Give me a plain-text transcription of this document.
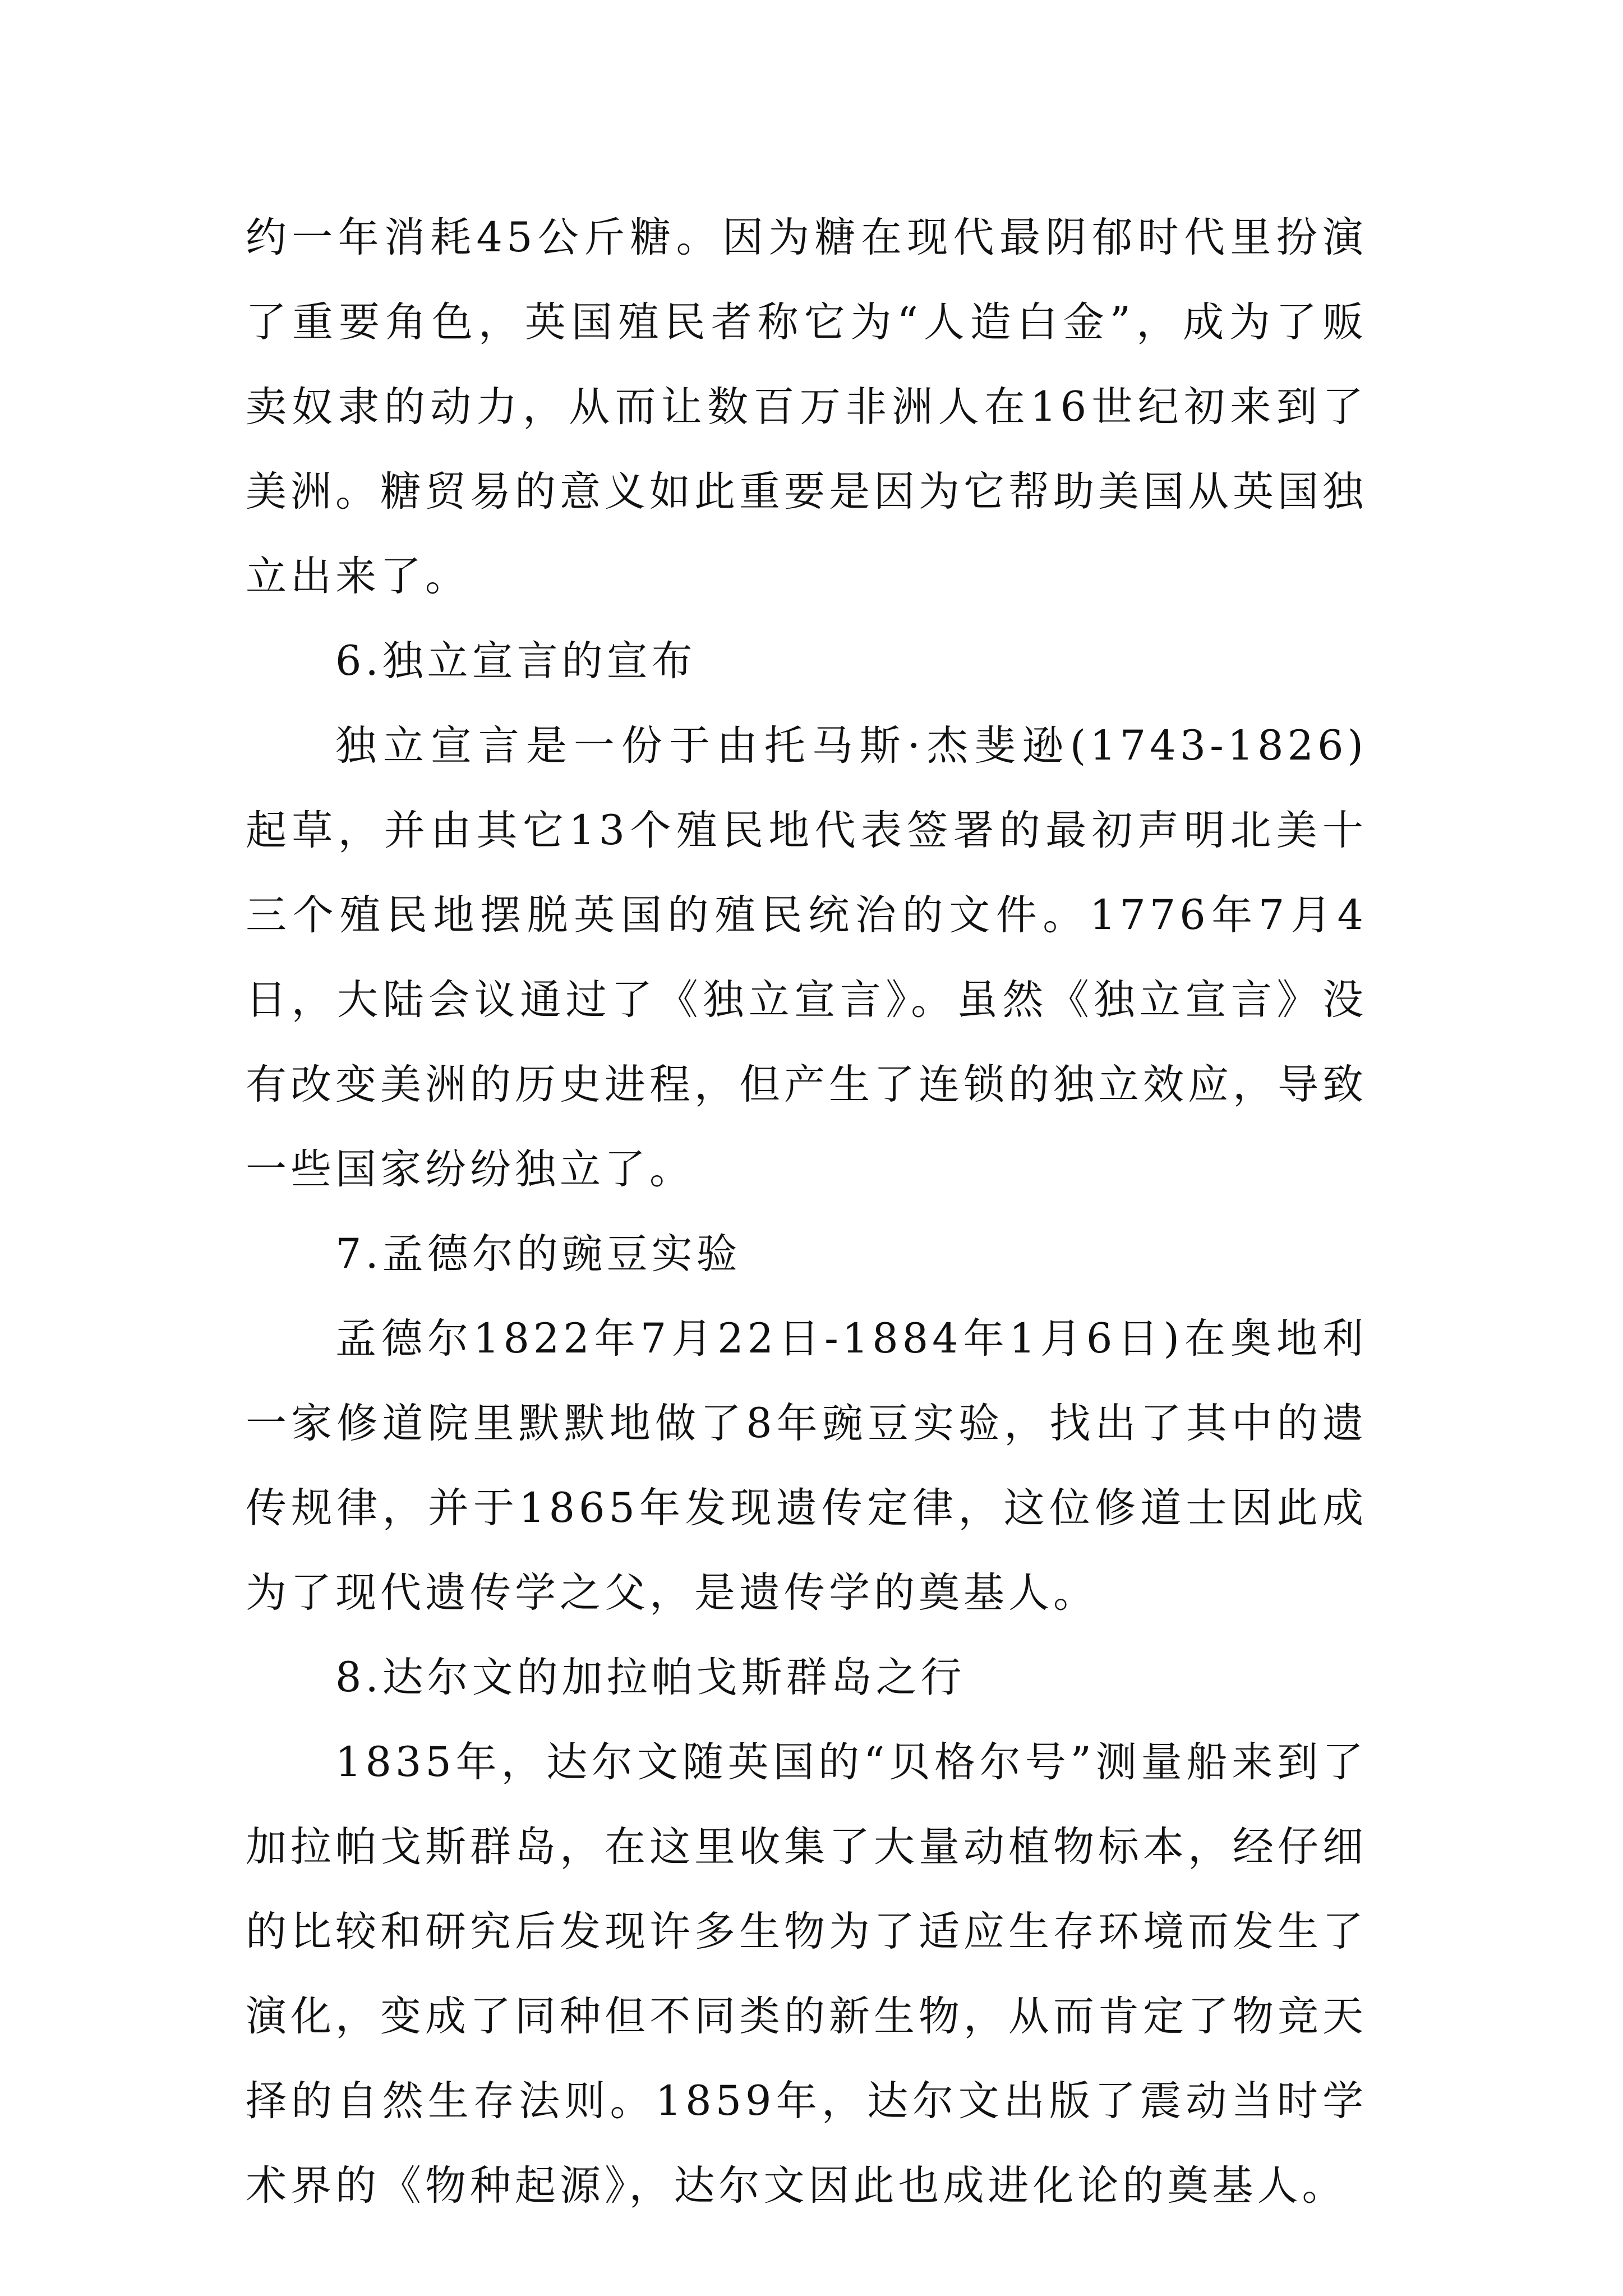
约一年消耗45公斤糖。因为糖在现代最阴郁时代里扮演了重要角色，英国殖民者称它为“人造白金”，成为了贩卖奴隶的动力，从而让数百万非洲人在16世纪初来到了美洲。糖贸易的意义如此重要是因为它帮助美国从英国独立出来了。

6.独立宣言的宣布

独立宣言是一份于由托马斯·杰斐逊(1743-1826)起草，并由其它13个殖民地代表签署的最初声明北美十三个殖民地摆脱英国的殖民统治的文件。1776年7月4日，大陆会议通过了《独立宣言》。虽然《独立宣言》没有改变美洲的历史进程，但产生了连锁的独立效应，导致一些国家纷纷独立了。

7.孟德尔的豌豆实验

孟德尔1822年7月22日-1884年1月6日)在奥地利一家修道院里默默地做了8年豌豆实验，找出了其中的遗传规律，并于1865年发现遗传定律，这位修道士因此成为了现代遗传学之父，是遗传学的奠基人。

8.达尔文的加拉帕戈斯群岛之行

1835年，达尔文随英国的“贝格尔号”测量船来到了加拉帕戈斯群岛，在这里收集了大量动植物标本，经仔细的比较和研究后发现许多生物为了适应生存环境而发生了演化，变成了同种但不同类的新生物，从而肯定了物竞天择的自然生存法则。1859年，达尔文出版了震动当时学术界的《物种起源》，达尔文因此也成进化论的奠基人。
